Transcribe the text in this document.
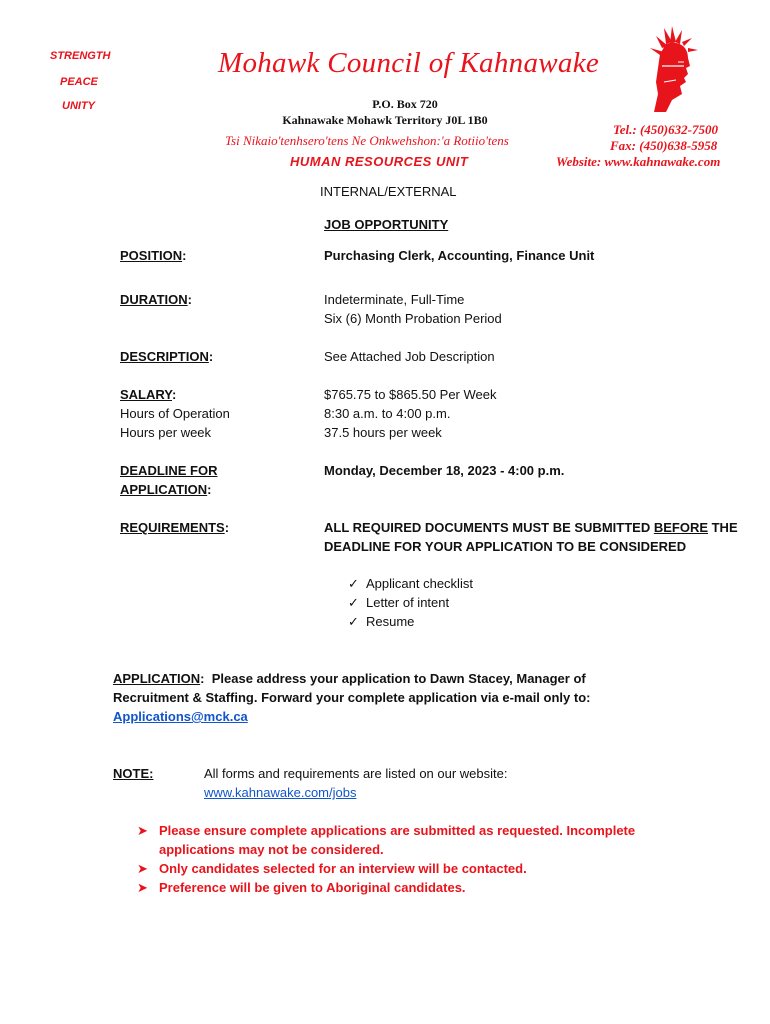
STRENGTH
PEACE
UNITY
Mohawk Council of Kahnawake
P.O. Box 720
Kahnawake Mohawk Territory J0L 1B0
Tsi Nikaio'tenhsero'tens Ne Onkwehshon:'a Rotiio'tens
HUMAN RESOURCES UNIT
Tel.: (450)632-7500
Fax: (450)638-5958
Website: www.kahnawake.com
INTERNAL/EXTERNAL
JOB OPPORTUNITY
POSITION:	Purchasing Clerk, Accounting, Finance Unit
DURATION:	Indeterminate, Full-Time
Six (6) Month Probation Period
DESCRIPTION:	See Attached Job Description
SALARY:	$765.75 to $865.50 Per Week
Hours of Operation	8:30 a.m. to 4:00 p.m.
Hours per week	37.5 hours per week
DEADLINE FOR
APPLICATION:
Monday, December 18, 2023 - 4:00 p.m.
REQUIREMENTS:	ALL REQUIRED DOCUMENTS MUST BE SUBMITTED BEFORE THE
DEADLINE FOR YOUR APPLICATION TO BE CONSIDERED
✓ Applicant checklist
✓ Letter of intent
✓ Resume
APPLICATION:  Please address your application to Dawn Stacey, Manager of
Recruitment & Staffing. Forward your complete application via e-mail only to:
Applications@mck.ca
NOTE:	All forms and requirements are listed on our website:
www.kahnawake.com/jobs
➤ Please ensure complete applications are submitted as requested. Incomplete
applications may not be considered.
➤ Only candidates selected for an interview will be contacted.
➤ Preference will be given to Aboriginal candidates.
